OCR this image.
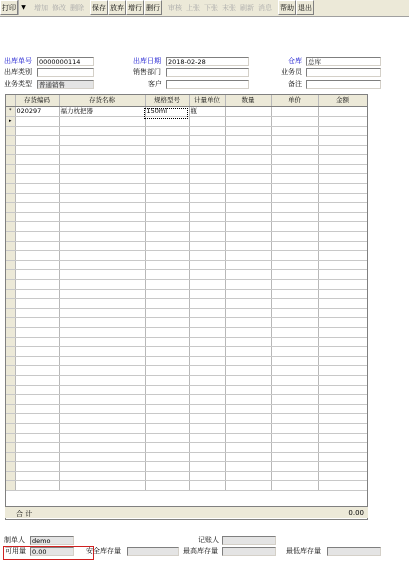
打印 ▼	增加 修改 删除 保存 放弃 增行 删行 审核 上张 下张 末张 刷新 消息 帮助 退出
出库单号	0000000114	出库日期	2018-02-28	仓库 总库
出库类别	销售部门	业务员
业务类型	普通销售	客户	备注
	存货编码	存货名称	规格型号	计量单位	数量	单价	金额
*	020297	福力枕把器	150ml	瓶			
▸							

合 计	0.00
制单人	demo	记账人
可用量 0.00	安全库存量	最高库存量	最低库存量
